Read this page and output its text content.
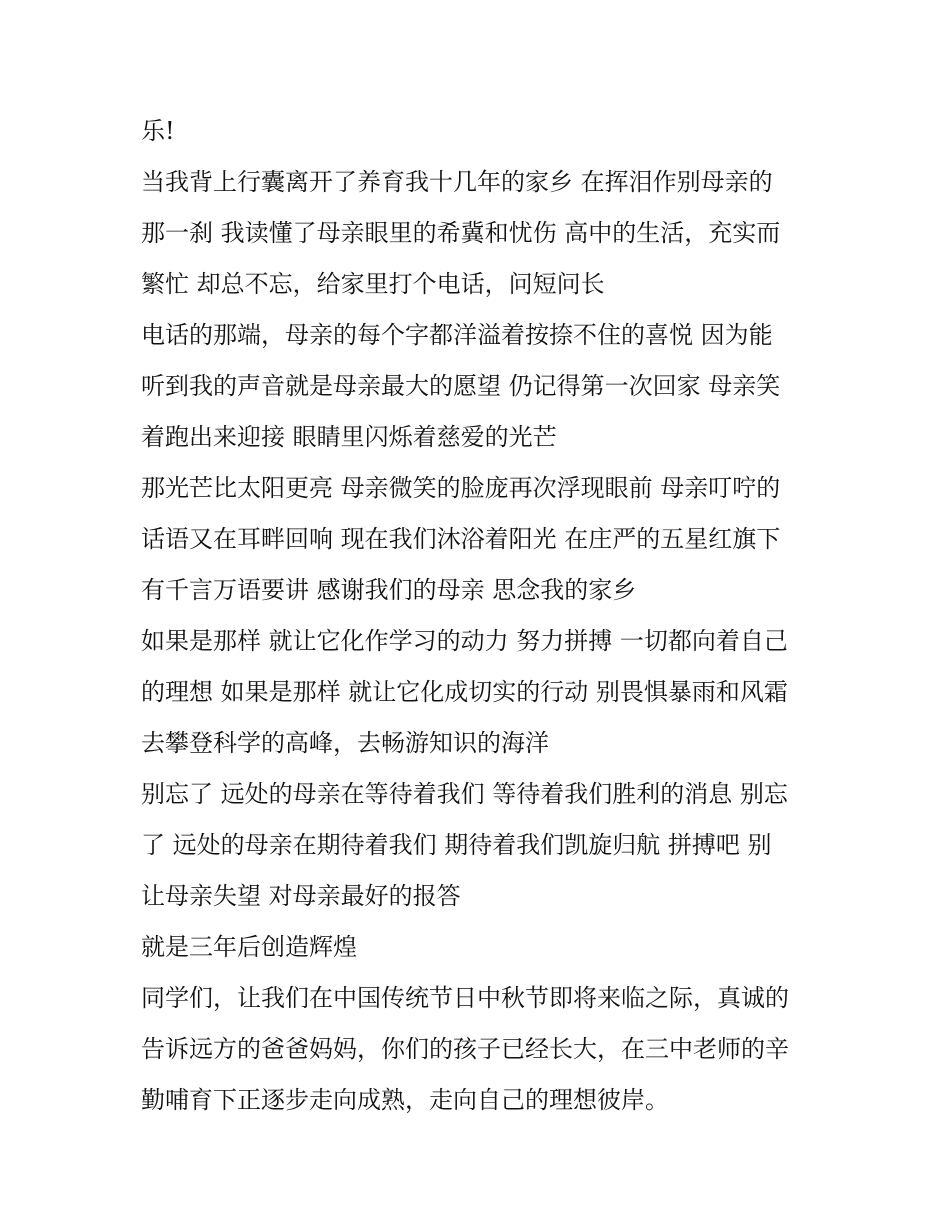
乐!
当我背上行囊离开了养育我十几年的家乡 在挥泪作别母亲的
那一刹 我读懂了母亲眼里的希冀和忧伤 高中的生活，充实而
繁忙 却总不忘，给家里打个电话，问短问长
电话的那端，母亲的每个字都洋溢着按捺不住的喜悦 因为能
听到我的声音就是母亲最大的愿望 仍记得第一次回家 母亲笑
着跑出来迎接 眼睛里闪烁着慈爱的光芒
那光芒比太阳更亮 母亲微笑的脸庞再次浮现眼前 母亲叮咛的
话语又在耳畔回响 现在我们沐浴着阳光 在庄严的五星红旗下
有千言万语要讲 感谢我们的母亲 思念我的家乡
如果是那样 就让它化作学习的动力 努力拼搏 一切都向着自己
的理想 如果是那样 就让它化成切实的行动 别畏惧暴雨和风霜
去攀登科学的高峰，去畅游知识的海洋
别忘了 远处的母亲在等待着我们 等待着我们胜利的消息 别忘
了 远处的母亲在期待着我们 期待着我们凯旋归航 拼搏吧 别
让母亲失望 对母亲最好的报答
就是三年后创造辉煌
同学们，让我们在中国传统节日中秋节即将来临之际，真诚的
告诉远方的爸爸妈妈，你们的孩子已经长大，在三中老师的辛
勤哺育下正逐步走向成熟，走向自己的理想彼岸。
